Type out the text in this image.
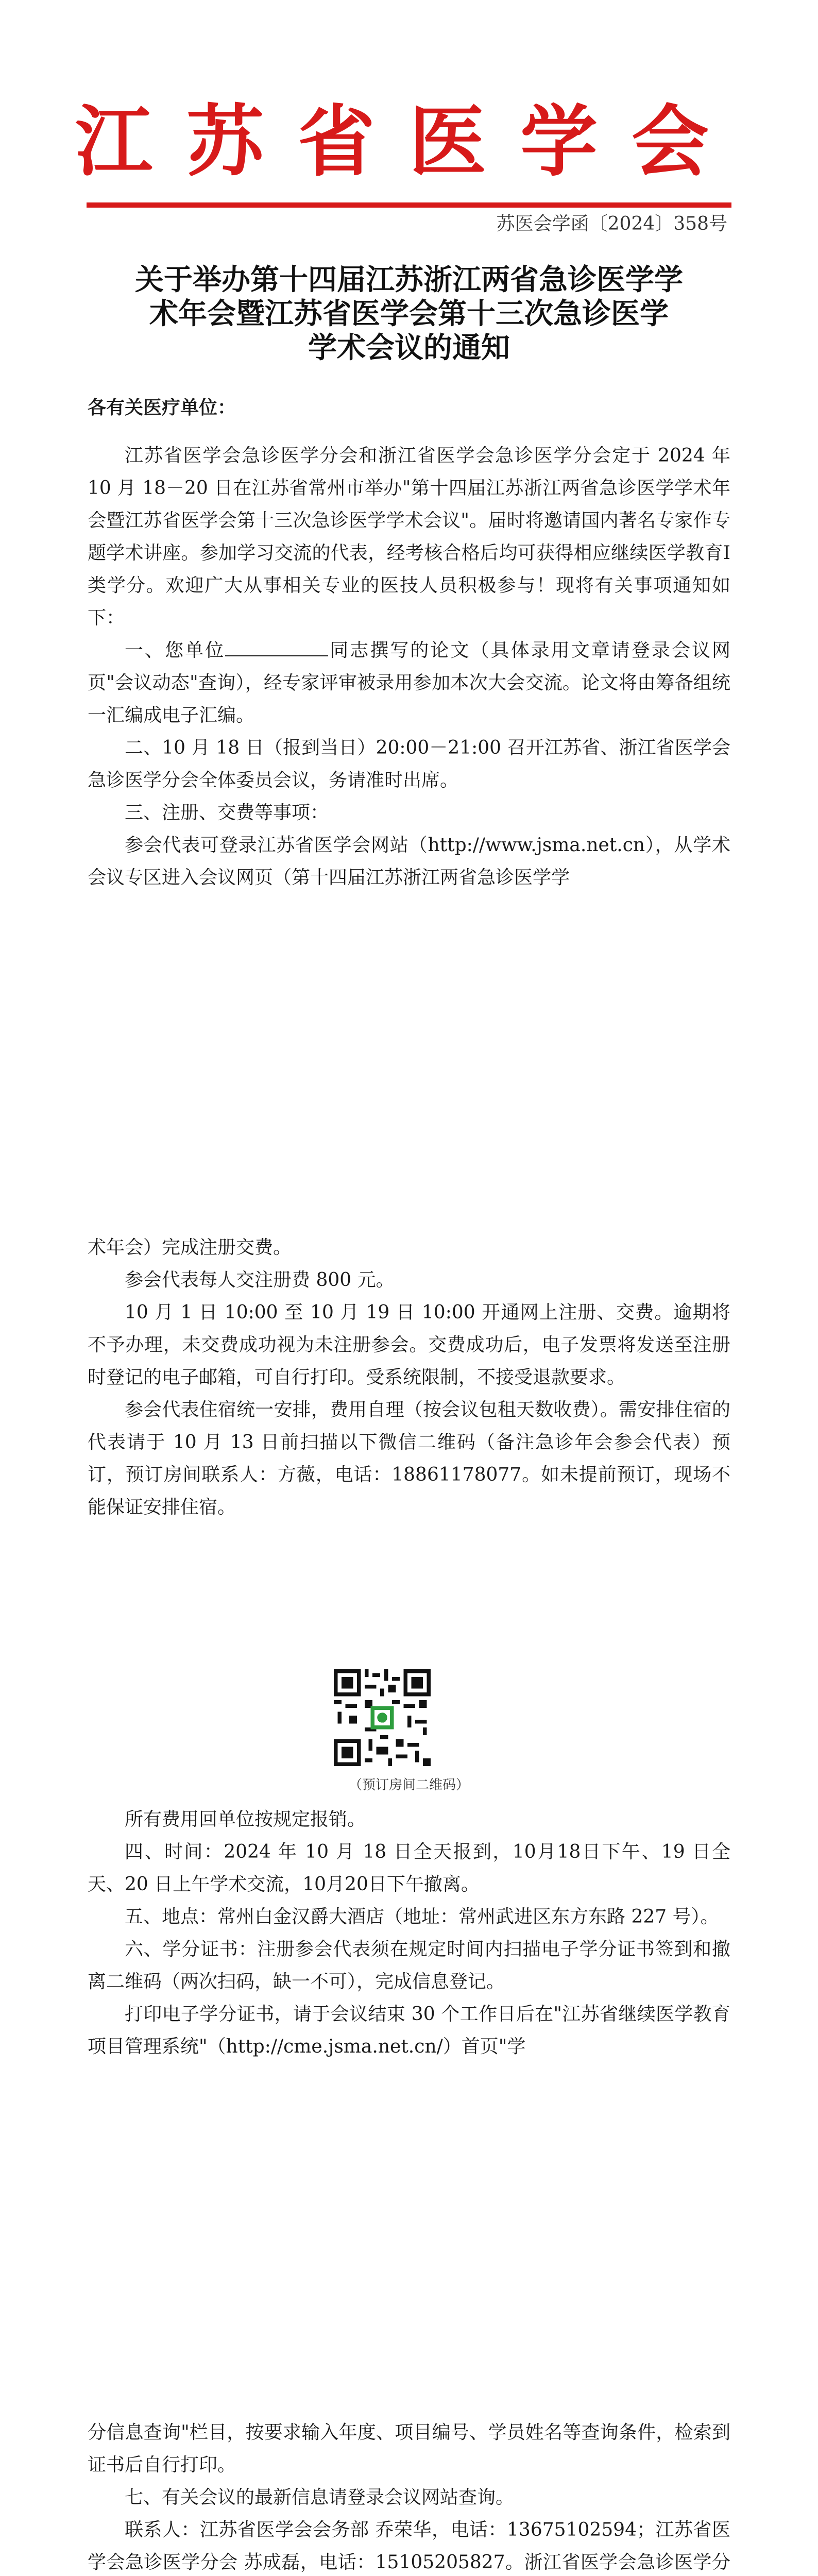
江苏省医学会
苏医会学函〔2024〕358号
关于举办第十四届江苏浙江两省急诊医学学
术年会暨江苏省医学会第十三次急诊医学
学术会议的通知

各有关医疗单位：

江苏省医学会急诊医学分会和浙江省医学会急诊医学分会定于 2024 年 10 月 18－20 日在江苏省常州市举办"第十四届江苏浙江两省急诊医学学术年会暨江苏省医学会第十三次急诊医学学术会议"。届时将邀请国内著名专家作专题学术讲座。参加学习交流的代表，经考核合格后均可获得相应继续医学教育Ⅰ类学分。欢迎广大从事相关专业的医技人员积极参与！现将有关事项通知如下：

一、您单位	同志撰写的论文（具体录用文章请登录会议网页"会议动态"查询），经专家评审被录用参加本次大会交流。论文将由筹备组统一汇编成电子汇编。

二、10 月 18 日（报到当日）20:00－21:00 召开江苏省、浙江省医学会急诊医学分会全体委员会议，务请准时出席。

三、注册、交费等事项：

参会代表可登录江苏省医学会网站（http://www.jsma.net.cn），从学术会议专区进入会议网页（第十四届江苏浙江两省急诊医学学

术年会）完成注册交费。

参会代表每人交注册费 800 元。

10 月 1 日 10:00 至 10 月 19 日 10:00 开通网上注册、交费。逾期将不予办理，未交费成功视为未注册参会。交费成功后，电子发票将发送至注册时登记的电子邮箱，可自行打印。受系统限制，不接受退款要求。

参会代表住宿统一安排，费用自理（按会议包租天数收费）。需安排住宿的代表请于 10 月 13 日前扫描以下微信二维码（备注急诊年会参会代表）预订，预订房间联系人：方薇，电话：18861178077。如未提前预订，现场不能保证安排住宿。

（预订房间二维码）

所有费用回单位按规定报销。

四、时间：2024 年 10 月 18 日全天报到，10月18日下午、19 日全天、20 日上午学术交流，10月20日下午撤离。

五、地点：常州白金汉爵大酒店（地址：常州武进区东方东路 227 号）。

六、学分证书：注册参会代表须在规定时间内扫描电子学分证书签到和撤离二维码（两次扫码，缺一不可），完成信息登记。

打印电子学分证书，请于会议结束 30 个工作日后在"江苏省继续医学教育项目管理系统"（http://cme.jsma.net.cn/）首页"学

分信息查询"栏目，按要求输入年度、项目编号、学员姓名等查询条件，检索到证书后自行打印。

七、有关会议的最新信息请登录会议网站查询。

联系人：江苏省医学会会务部 乔荣华，电话：13675102594；江苏省医学会急诊医学分会 苏成磊，电话：15105205827。浙江省医学会急诊医学分
